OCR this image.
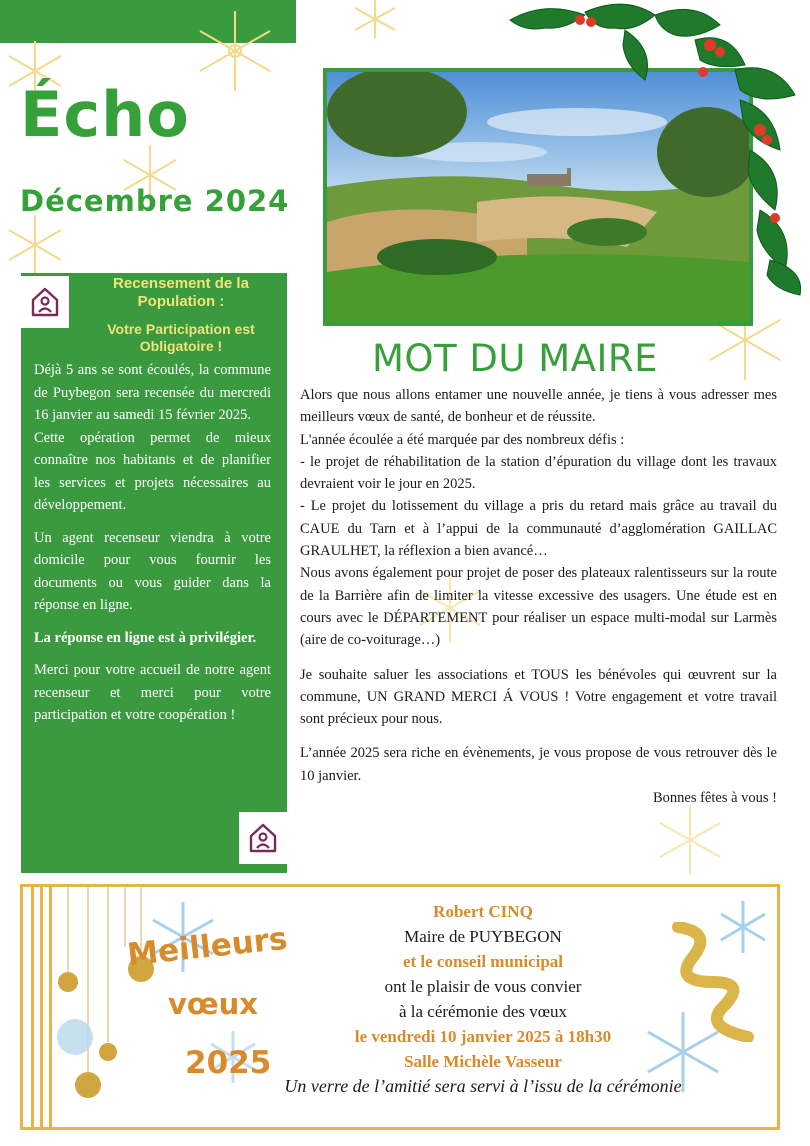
Écho
Décembre 2024
Recensement de la Population :
Votre Participation est Obligatoire !

Déjà 5 ans se sont écoulés, la commune de Puybegon sera recensée du mercredi 16 janvier au samedi 15 février 2025.

Cette opération permet de mieux connaître nos habitants et de planifier les services et projets nécessaires au développement.

Un agent recenseur viendra à votre domicile pour vous fournir les documents ou vous guider dans la réponse en ligne.

La réponse en ligne est à privilégier.

Merci pour votre accueil de notre agent recenseur et merci pour votre participation et votre coopération !

MOT DU MAIRE

Alors que nous allons entamer une nouvelle année, je tiens à vous adresser mes meilleurs vœux de santé, de bonheur et de réussite.

L'année écoulée a été marquée par des nombreux défis :

- le projet de réhabilitation de la station d’épuration du village dont les travaux devraient voir le jour en 2025.

- Le projet du lotissement du village a pris du retard mais grâce au travail du CAUE du Tarn et à l’appui de la communauté d’agglomération GAILLAC GRAULHET, la réflexion a bien avancé…

Nous avons également pour projet de poser des plateaux ralentisseurs sur la route de la Barrière afin de limiter la vitesse excessive des usagers. Une étude est en cours avec le DÉPARTEMENT pour réaliser un espace multi-modal sur Larmès (aire de co-voiturage…)

Je souhaite saluer les associations et TOUS les bénévoles qui œuvrent sur la commune, UN GRAND MERCI Á VOUS ! Votre engagement et votre travail sont précieux pour nous.

L’année 2025 sera riche en évènements, je vous propose de vous retrouver dès le 10 janvier.

Bonnes fêtes à vous !

Meilleurs
vœux
2025
Robert CINQ
Maire de PUYBEGON
et le conseil municipal
ont le plaisir de vous convier
à la cérémonie des vœux
le vendredi 10 janvier 2025 à 18h30
Salle Michèle Vasseur
Un verre de l’amitié sera servi à l’issu de la cérémonie
